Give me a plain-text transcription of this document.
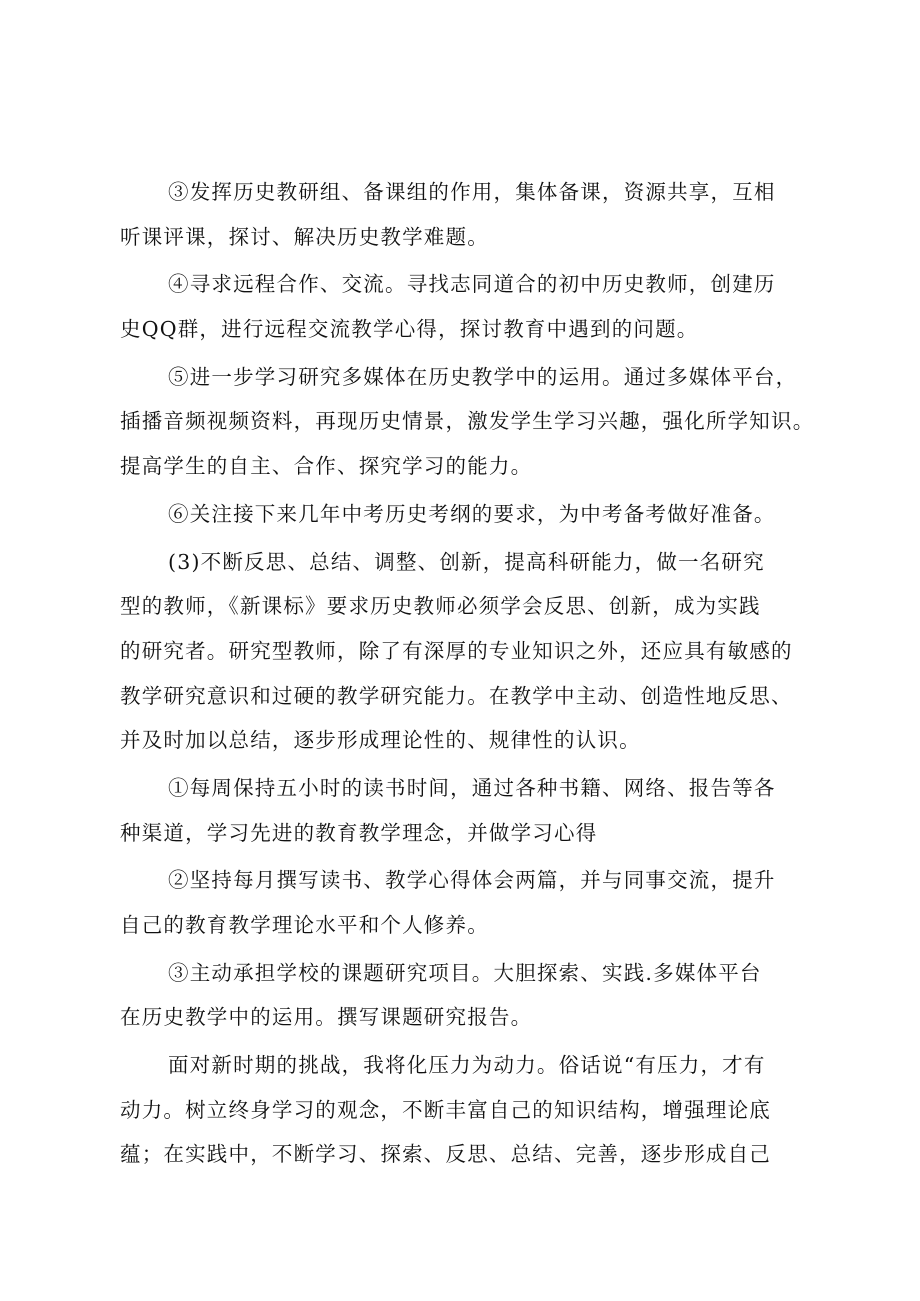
③发挥历史教研组、备课组的作用，集体备课，资源共享，互相
听课评课，探讨、解决历史教学难题。
④寻求远程合作、交流。寻找志同道合的初中历史教师，创建历
史QQ群，进行远程交流教学心得，探讨教育中遇到的问题。
⑤进一步学习研究多媒体在历史教学中的运用。通过多媒体平台，
插播音频视频资料，再现历史情景，激发学生学习兴趣，强化所学知识。
提高学生的自主、合作、探究学习的能力。
⑥关注接下来几年中考历史考纲的要求，为中考备考做好准备。
(3)不断反思、总结、调整、创新，提高科研能力，做一名研究
型的教师，《新课标》要求历史教师必须学会反思、创新，成为实践
的研究者。研究型教师，除了有深厚的专业知识之外，还应具有敏感的
教学研究意识和过硬的教学研究能力。在教学中主动、创造性地反思、
并及时加以总结，逐步形成理论性的、规律性的认识。
①每周保持五小时的读书时间，通过各种书籍、网络、报告等各
种渠道，学习先进的教育教学理念，并做学习心得
②坚持每月撰写读书、教学心得体会两篇，并与同事交流，提升
自己的教育教学理论水平和个人修养。
③主动承担学校的课题研究项目。大胆探索、实践.多媒体平台
在历史教学中的运用。撰写课题研究报告。
面对新时期的挑战，我将化压力为动力。俗话说“有压力，才有
动力。树立终身学习的观念，不断丰富自己的知识结构，增强理论底
蕴；在实践中，不断学习、探索、反思、总结、完善，逐步形成自己
